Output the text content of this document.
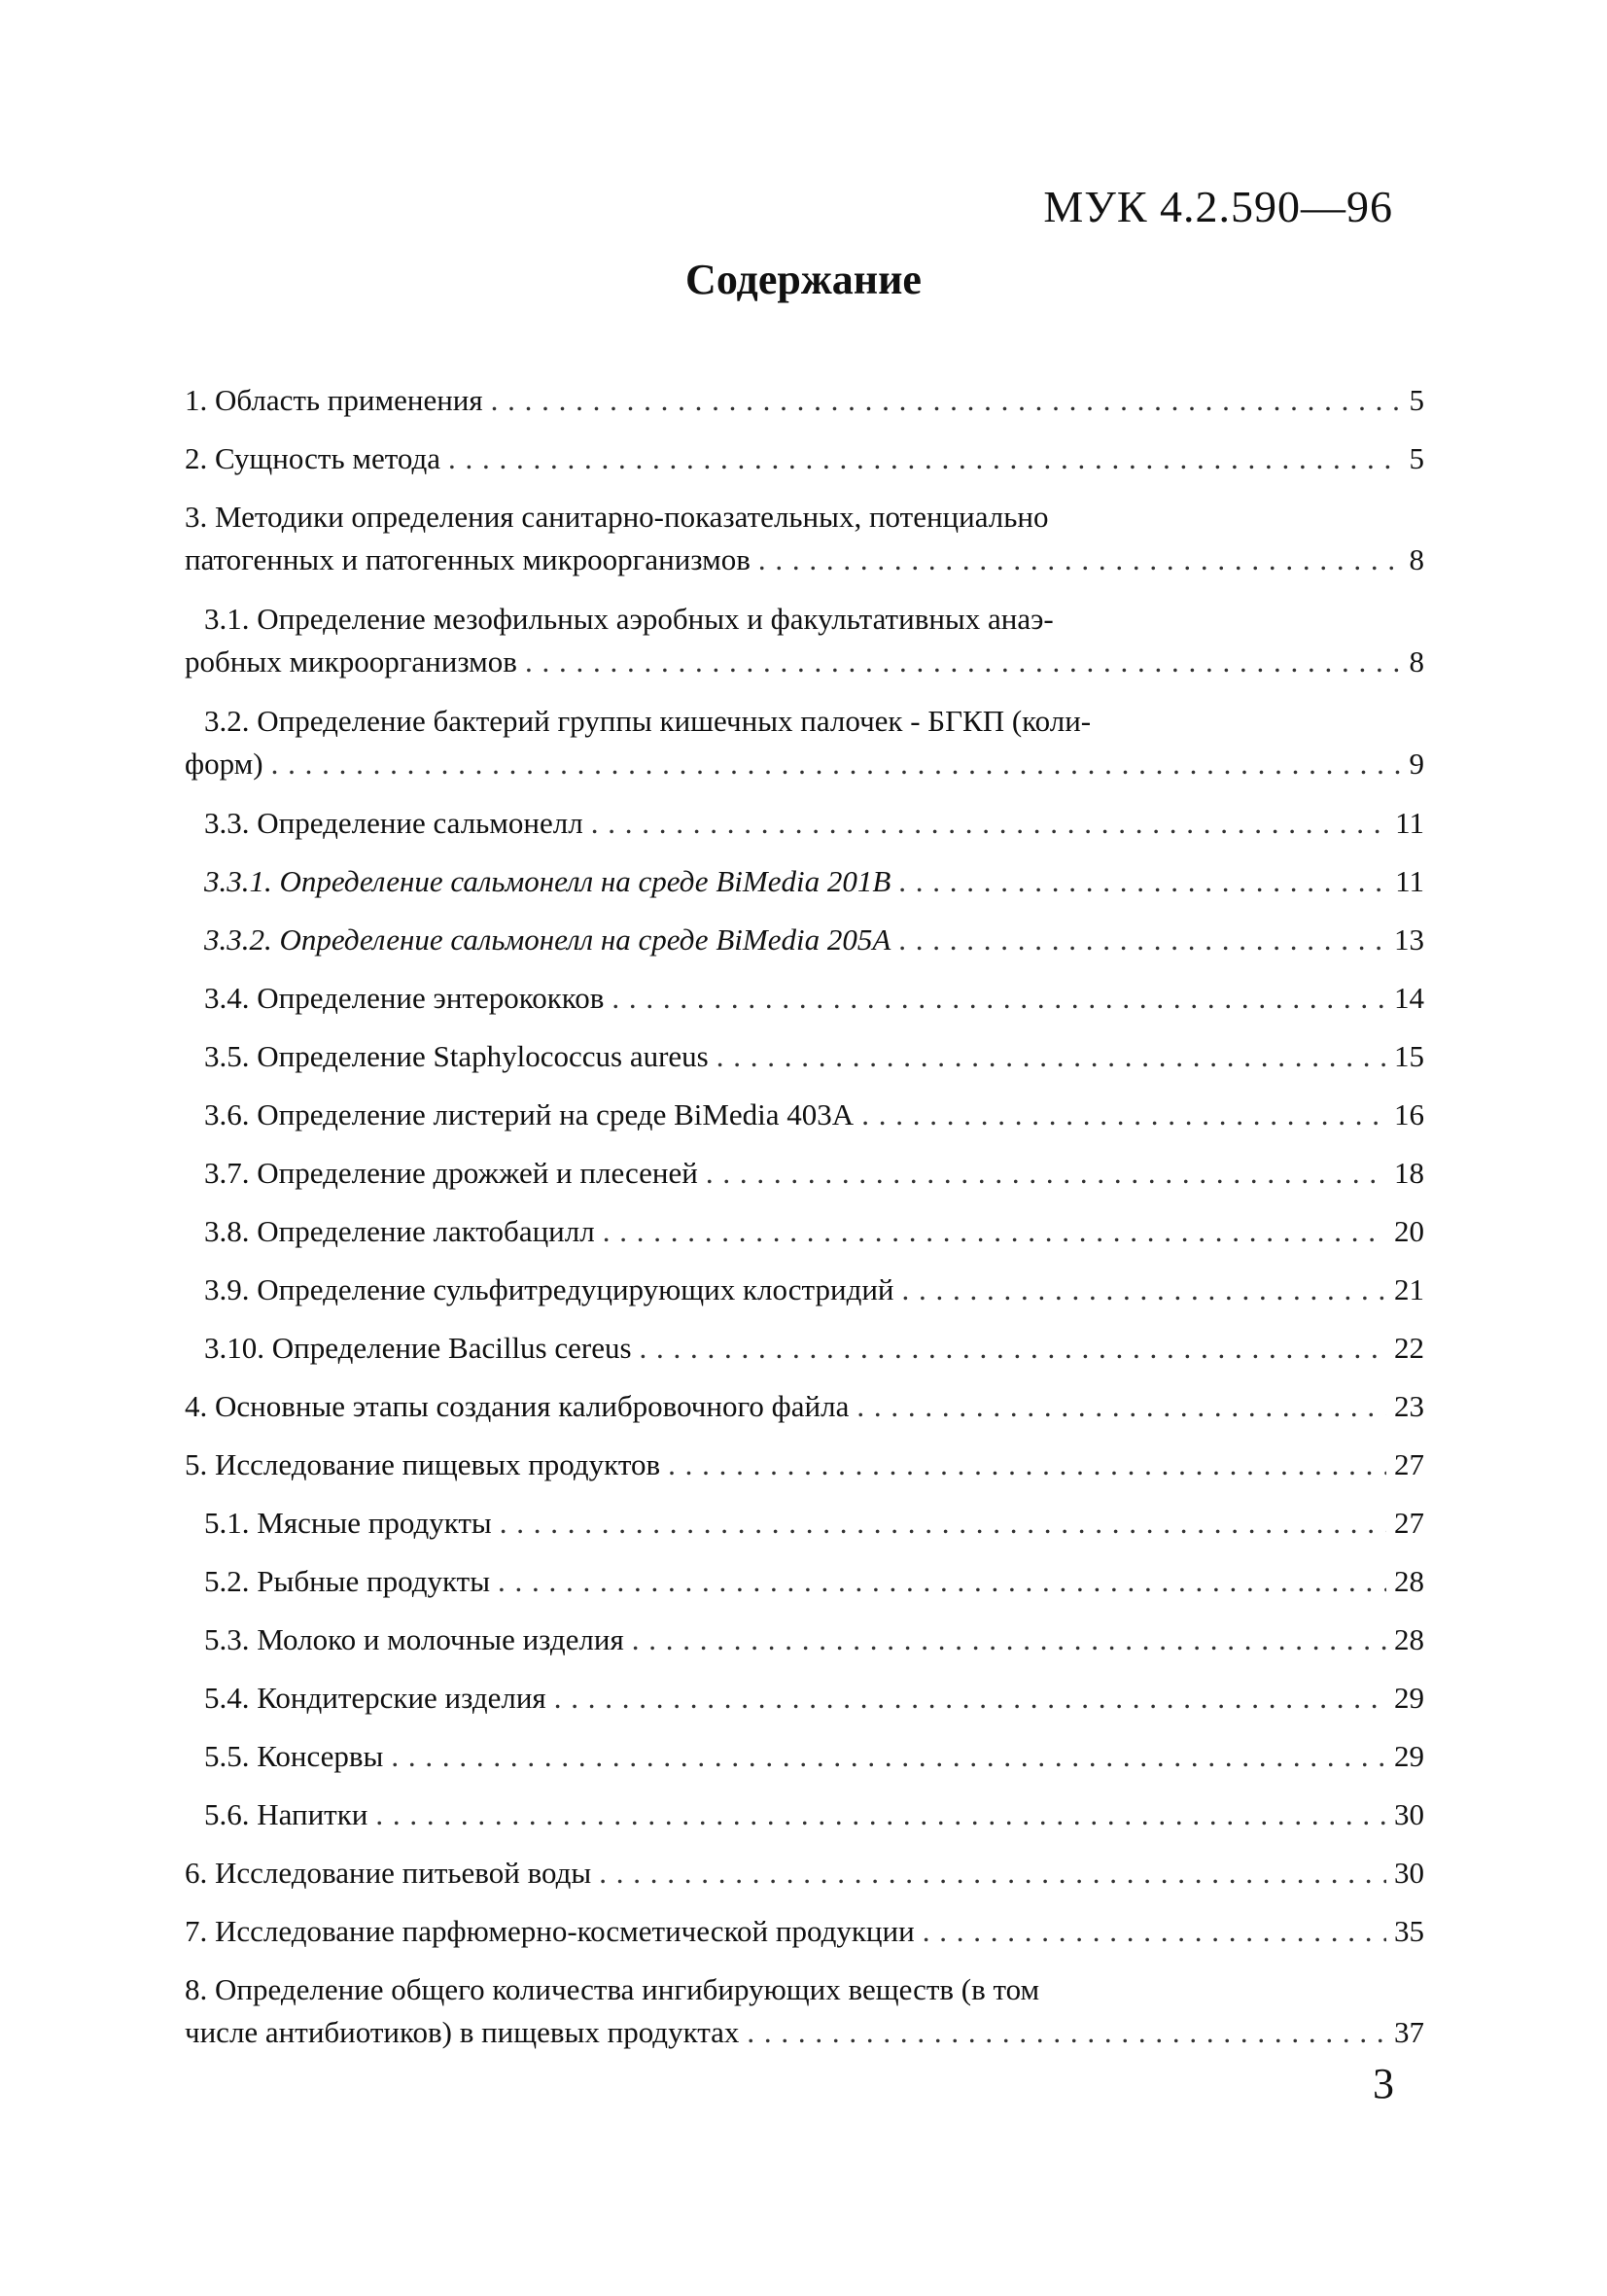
МУК 4.2.590—96
Содержание
1. Область применения . . .	5
2. Сущность метода . . .	5
3. Методики определения санитарно-показательных, потенциально
патогенных и патогенных микроорганизмов . . .	8
3.1. Определение мезофильных аэробных и факультативных анаэ-
робных микроорганизмов . . .	8
3.2. Определение бактерий группы кишечных палочек - БГКП (коли-
форм) . . .	9
3.3. Определение сальмонелл . . .	11
3.3.1. Определение сальмонелл на среде BiMedia 201В . . .	11
3.3.2. Определение сальмонелл на среде BiMedia 205А . . .	13
3.4. Определение энтерококков . . .	14
3.5. Определение Staphylococcus aureus . . .	15
3.6. Определение листерий на среде BiMedia 403А . . .	16
3.7. Определение дрожжей и плесеней . . .	18
3.8. Определение лактобацилл . . .	20
3.9. Определение сульфитредуцирующих клостридий . . .	21
3.10. Определение Bacillus cereus . . .	22
4. Основные этапы создания калибровочного файла . . .	23
5. Исследование пищевых продуктов . . .	27
5.1. Мясные продукты . . .	27
5.2. Рыбные продукты . . .	28
5.3. Молоко и молочные изделия . . .	28
5.4. Кондитерские изделия . . .	29
5.5. Консервы . . .	29
5.6. Напитки . . .	30
6. Исследование питьевой воды . . .	30
7. Исследование парфюмерно-косметической продукции . . .	35
8. Определение общего количества ингибирующих веществ (в том
числе антибиотиков) в пищевых продуктах . . .	37
3
